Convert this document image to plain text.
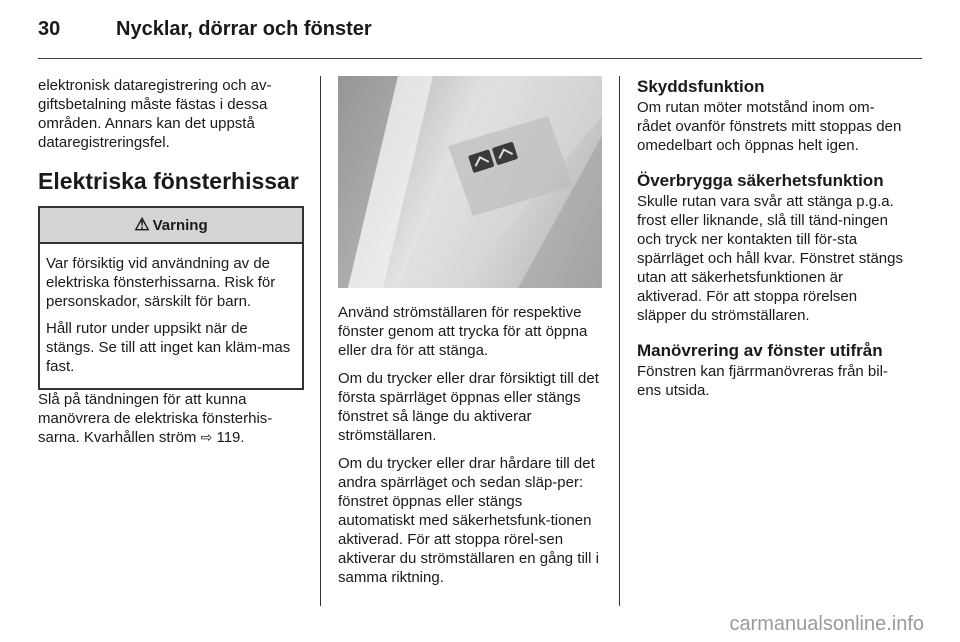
30	Nycklar, dörrar och fönster

elektronisk dataregistrering och av-giftsbetalning måste fästas i dessa områden. Annars kan det uppstå dataregistreringsfel.

Elektriska fönsterhissar
⚠ Varning

Var försiktig vid användning av de elektriska fönsterhissarna. Risk för personskador, särskilt för barn.

Håll rutor under uppsikt när de stängs. Se till att inget kan kläm-mas fast.

Slå på tändningen för att kunna manövrera de elektriska fönsterhis-sarna. Kvarhållen ström ⇨ 119.

Använd strömställaren för respektive fönster genom att trycka för att öppna eller dra för att stänga.

Om du trycker eller drar försiktigt till det första spärrläget öppnas eller stängs fönstret så länge du aktiverar strömställaren.

Om du trycker eller drar hårdare till det andra spärrläget och sedan släp-per: fönstret öppnas eller stängs automatiskt med säkerhetsfunk-tionen aktiverad. För att stoppa rörel-sen aktiverar du strömställaren en gång till i samma riktning.

Skyddsfunktion

Om rutan möter motstånd inom om-rådet ovanför fönstrets mitt stoppas den omedelbart och öppnas helt igen.

Överbrygga säkerhetsfunktion

Skulle rutan vara svår att stänga p.g.a. frost eller liknande, slå till tänd-ningen och tryck ner kontakten till för-sta spärrläget och håll kvar. Fönstret stängs utan att säkerhetsfunktionen är aktiverad. För att stoppa rörelsen släpper du strömställaren.

Manövrering av fönster utifrån

Fönstren kan fjärrmanövreras från bil-ens utsida.

carmanualsonline.info
